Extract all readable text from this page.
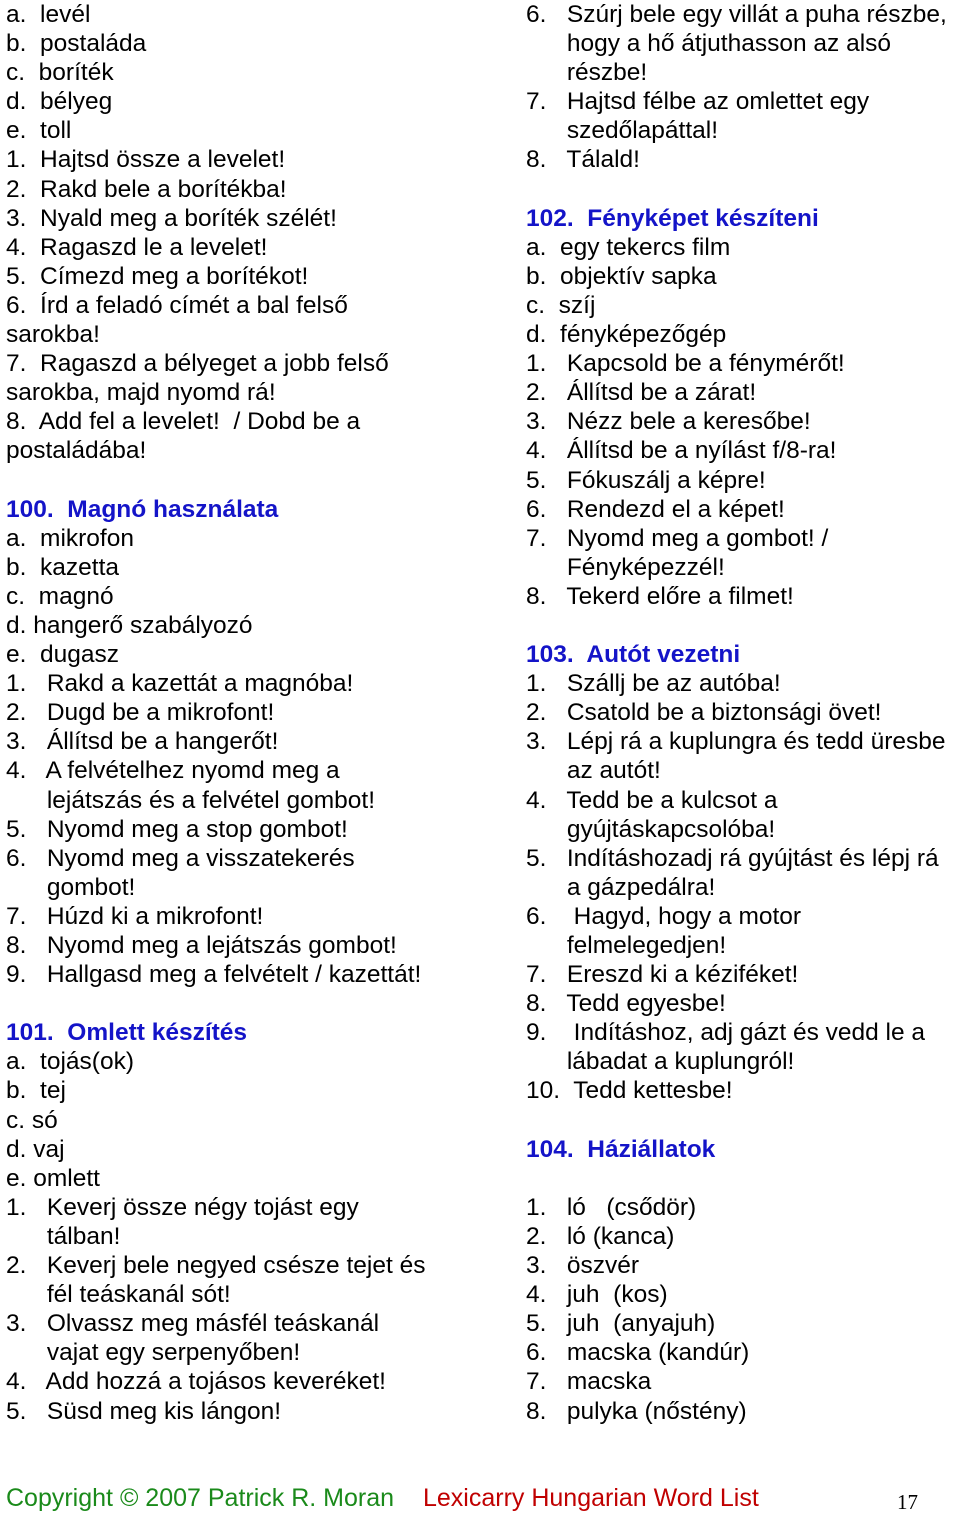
a.  levél
b.  postaláda
c.  boríték
d.  bélyeg
e.  toll
1.  Hajtsd össze a levelet!
2.  Rakd bele a borítékba!
3.  Nyald meg a boríték szélét!
4.  Ragaszd le a levelet!
5.  Címezd meg a borítékot!
6.  Írd a feladó címét a bal felső
sarokba!
7.  Ragaszd a bélyeget a jobb felső
sarokba, majd nyomd rá!
8.  Add fel a levelet!  / Dobd be a
postaládába!
100.  Magnó használata
a.  mikrofon
b.  kazetta
c.  magnó
d. hangerő szabályozó
e.  dugasz
1.   Rakd a kazettát a magnóba!
2.   Dugd be a mikrofont!
3.   Állítsd be a hangerőt!
4.   A felvételhez nyomd meg a
lejátszás és a felvétel gombot!
5.   Nyomd meg a stop gombot!
6.   Nyomd meg a visszatekerés
gombot!
7.   Húzd ki a mikrofont!
8.   Nyomd meg a lejátszás gombot!
9.   Hallgasd meg a felvételt / kazettát!
101.  Omlett készítés
a.  tojás(ok)
b.  tej
c. só
d. vaj
e. omlett
1.   Keverj össze négy tojást egy
tálban!
2.   Keverj bele negyed csésze tejet és
fél teáskanál sót!
3.   Olvassz meg másfél teáskanál
vajat egy serpenyőben!
4.   Add hozzá a tojásos keveréket!
5.   Süsd meg kis lángon!
6.   Szúrj bele egy villát a puha részbe,
hogy a hő átjuthasson az alsó
részbe!
7.   Hajtsd félbe az omlettet egy
szedőlapáttal!
8.   Tálald!
102.  Fényképet készíteni
a.  egy tekercs film
b.  objektív sapka
c.  szíj
d.  fényképezőgép
1.   Kapcsold be a fénymérőt!
2.   Állítsd be a zárat!
3.   Nézz bele a keresőbe!
4.   Állítsd be a nyílást f/8-ra!
5.   Fókuszálj a képre!
6.   Rendezd el a képet!
7.   Nyomd meg a gombot! /
Fényképezzél!
8.   Tekerd előre a filmet!
103.  Autót vezetni
1.   Szállj be az autóba!
2.   Csatold be a biztonsági övet!
3.   Lépj rá a kuplungra és tedd üresbe
az autót!
4.   Tedd be a kulcsot a
gyújtáskapcsolóba!
5.   Indításhozadj rá gyújtást és lépj rá
a gázpedálra!
6.    Hagyd, hogy a motor
felmelegedjen!
7.   Ereszd ki a kéziféket!
8.   Tedd egyesbe!
9.    Indításhoz, adj gázt és vedd le a
lábadat a kuplungról!
10.  Tedd kettesbe!
104.  Háziállatok
1.   ló   (csődör)
2.   ló (kanca)
3.   öszvér
4.   juh  (kos)
5.   juh  (anyajuh)
6.   macska (kandúr)
7.   macska
8.   pulyka (nőstény)
Copyright © 2007 Patrick R. Moran Lexicarry Hungarian Word List	17
